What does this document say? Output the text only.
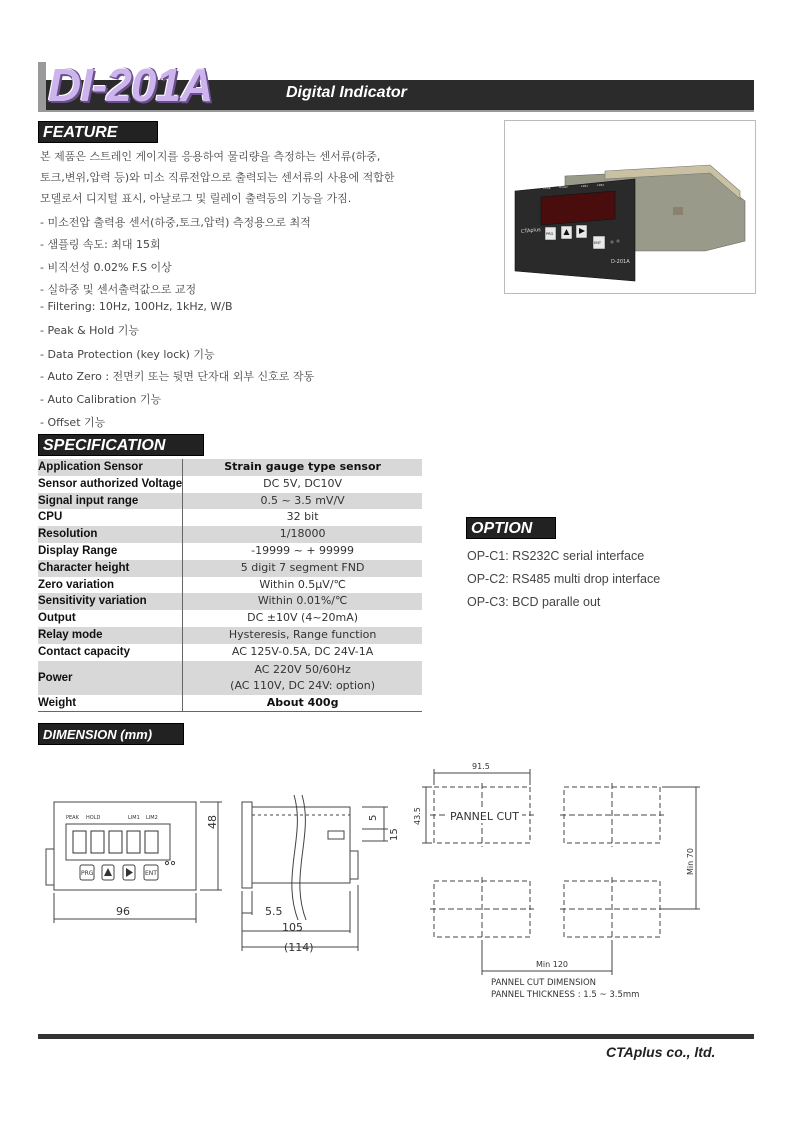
DI-201A	Digital Indicator
FEATURE
본 제품은 스트레인 게이지를 응용하여 물리량을 측정하는 센서류(하중,
토크,변위,압력 등)와 미소 직류전압으로 출력되는 센서류의 사용에 적합한
모델로서 디지털 표시, 아날로그 및 릴레이 출력등의 기능을 가짐.
- 미소전압 출력용 센서(하중,토크,압력) 측정용으로 최적
- 샘플링 속도: 최대 15회
- 비직선성 0.02% F.S 이상
- 실하중 및 센서출력값으로 교정
- Filtering: 10Hz, 100Hz, 1kHz, W/B
- Peak & Hold 기능
- Data Protection (key lock) 기능
- Auto Zero : 전면키 또는 뒷면 단자대 외부 신호로 작동
- Auto Calibration 기능
- Offset 기능
PEAK	HOLD	LIM1	LIM2
CTAplus PRG
ENT
D-201A
SPECIFICATION
Application Sensor	Strain gauge type sensor
Sensor authorized Voltage	DC 5V, DC10V
Signal input range	0.5 ~ 3.5 mV/V
CPU	32 bit
Resolution	1/18000
Display Range	-19999 ~ + 99999
Character height	5 digit 7 segment FND
Zero variation	Within 0.5μV/℃
Sensitivity variation	Within 0.01%/℃
Output	DC ±10V (4~20mA)
Relay mode	Hysteresis, Range function
Contact capacity	AC 125V-0.5A, DC 24V-1A
Power	AC 220V 50/60Hz
(AC 110V, DC 24V: option)

Weight	About 400g
OPTION
OP-C1: RS232C serial interface
OP-C2: RS485 multi drop interface
OP-C3: BCD paralle out
DIMENSION (mm)
PEAK HOLD	LIM1 LIM2
PRG	ENT
96
48
5.5
105
(114)
5
15
91.5
43.5	PANNEL CUT
Min 70
Min 120
PANNEL CUT DIMENSION
PANNEL THICKNESS : 1.5 ~ 3.5mm
CTAplus co., ltd.
